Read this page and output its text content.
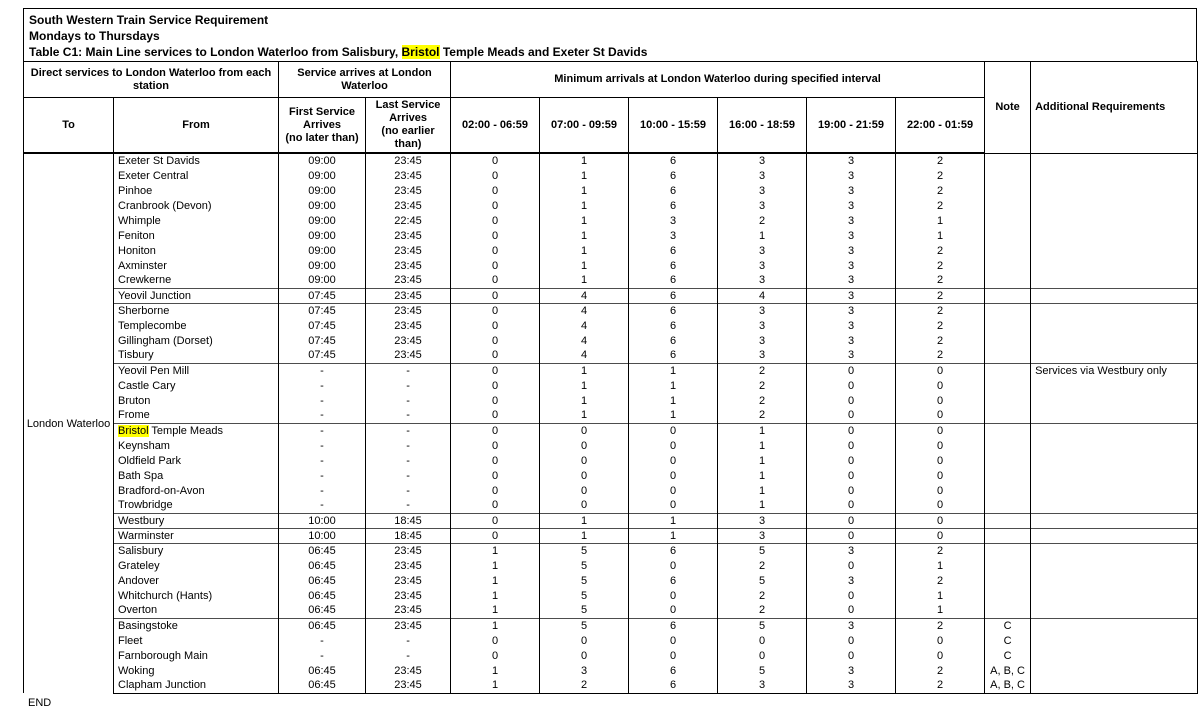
South Western Train Service Requirement
Mondays to Thursdays
Table C1: Main Line services to London Waterloo from Salisbury, Bristol Temple Meads and Exeter St Davids
Direct services to London Waterloo from each station		Service arrives at London Waterloo		Minimum arrivals at London Waterloo during specified interval						Note	Additional Requirements
To	From	First Service
Arrives
(no later than)	Last Service
Arrives
(no earlier than)	02:00 - 06:59	07:00 - 09:59	10:00 - 15:59	16:00 - 18:59	19:00 - 21:59	22:00 - 01:59		
London Waterloo	Exeter St Davids	09:00	23:45	0	1	6	3	3	2		
	Exeter Central	09:00	23:45	0	1	6	3	3	2		
	Pinhoe	09:00	23:45	0	1	6	3	3	2		
	Cranbrook (Devon)	09:00	23:45	0	1	6	3	3	2		
	Whimple	09:00	22:45	0	1	3	2	3	1		
	Feniton	09:00	23:45	0	1	3	1	3	1		
	Honiton	09:00	23:45	0	1	6	3	3	2		
	Axminster	09:00	23:45	0	1	6	3	3	2		
	Crewkerne	09:00	23:45	0	1	6	3	3	2		
	Yeovil Junction	07:45	23:45	0	4	6	4	3	2		
	Sherborne	07:45	23:45	0	4	6	3	3	2		
	Templecombe	07:45	23:45	0	4	6	3	3	2		
	Gillingham (Dorset)	07:45	23:45	0	4	6	3	3	2		
	Tisbury	07:45	23:45	0	4	6	3	3	2		
	Yeovil Pen Mill	-	-	0	1	1	2	0	0		Services via Westbury only
	Castle Cary	-	-	0	1	1	2	0	0		
	Bruton	-	-	0	1	1	2	0	0		
	Frome	-	-	0	1	1	2	0	0		
	Bristol Temple Meads	-	-	0	0	0	1	0	0		
	Keynsham	-	-	0	0	0	1	0	0		
	Oldfield Park	-	-	0	0	0	1	0	0		
	Bath Spa	-	-	0	0	0	1	0	0		
	Bradford-on-Avon	-	-	0	0	0	1	0	0		
	Trowbridge	-	-	0	0	0	1	0	0		
	Westbury	10:00	18:45	0	1	1	3	0	0		
	Warminster	10:00	18:45	0	1	1	3	0	0		
	Salisbury	06:45	23:45	1	5	6	5	3	2		
	Grateley	06:45	23:45	1	5	0	2	0	1		
	Andover	06:45	23:45	1	5	6	5	3	2		
	Whitchurch (Hants)	06:45	23:45	1	5	0	2	0	1		
	Overton	06:45	23:45	1	5	0	2	0	1		
	Basingstoke	06:45	23:45	1	5	6	5	3	2	C	
	Fleet	-	-	0	0	0	0	0	0	C	
	Farnborough Main	-	-	0	0	0	0	0	0	C	
	Woking	06:45	23:45	1	3	6	5	3	2	A, B, C	
	Clapham Junction	06:45	23:45	1	2	6	3	3	2	A, B, C	
END
